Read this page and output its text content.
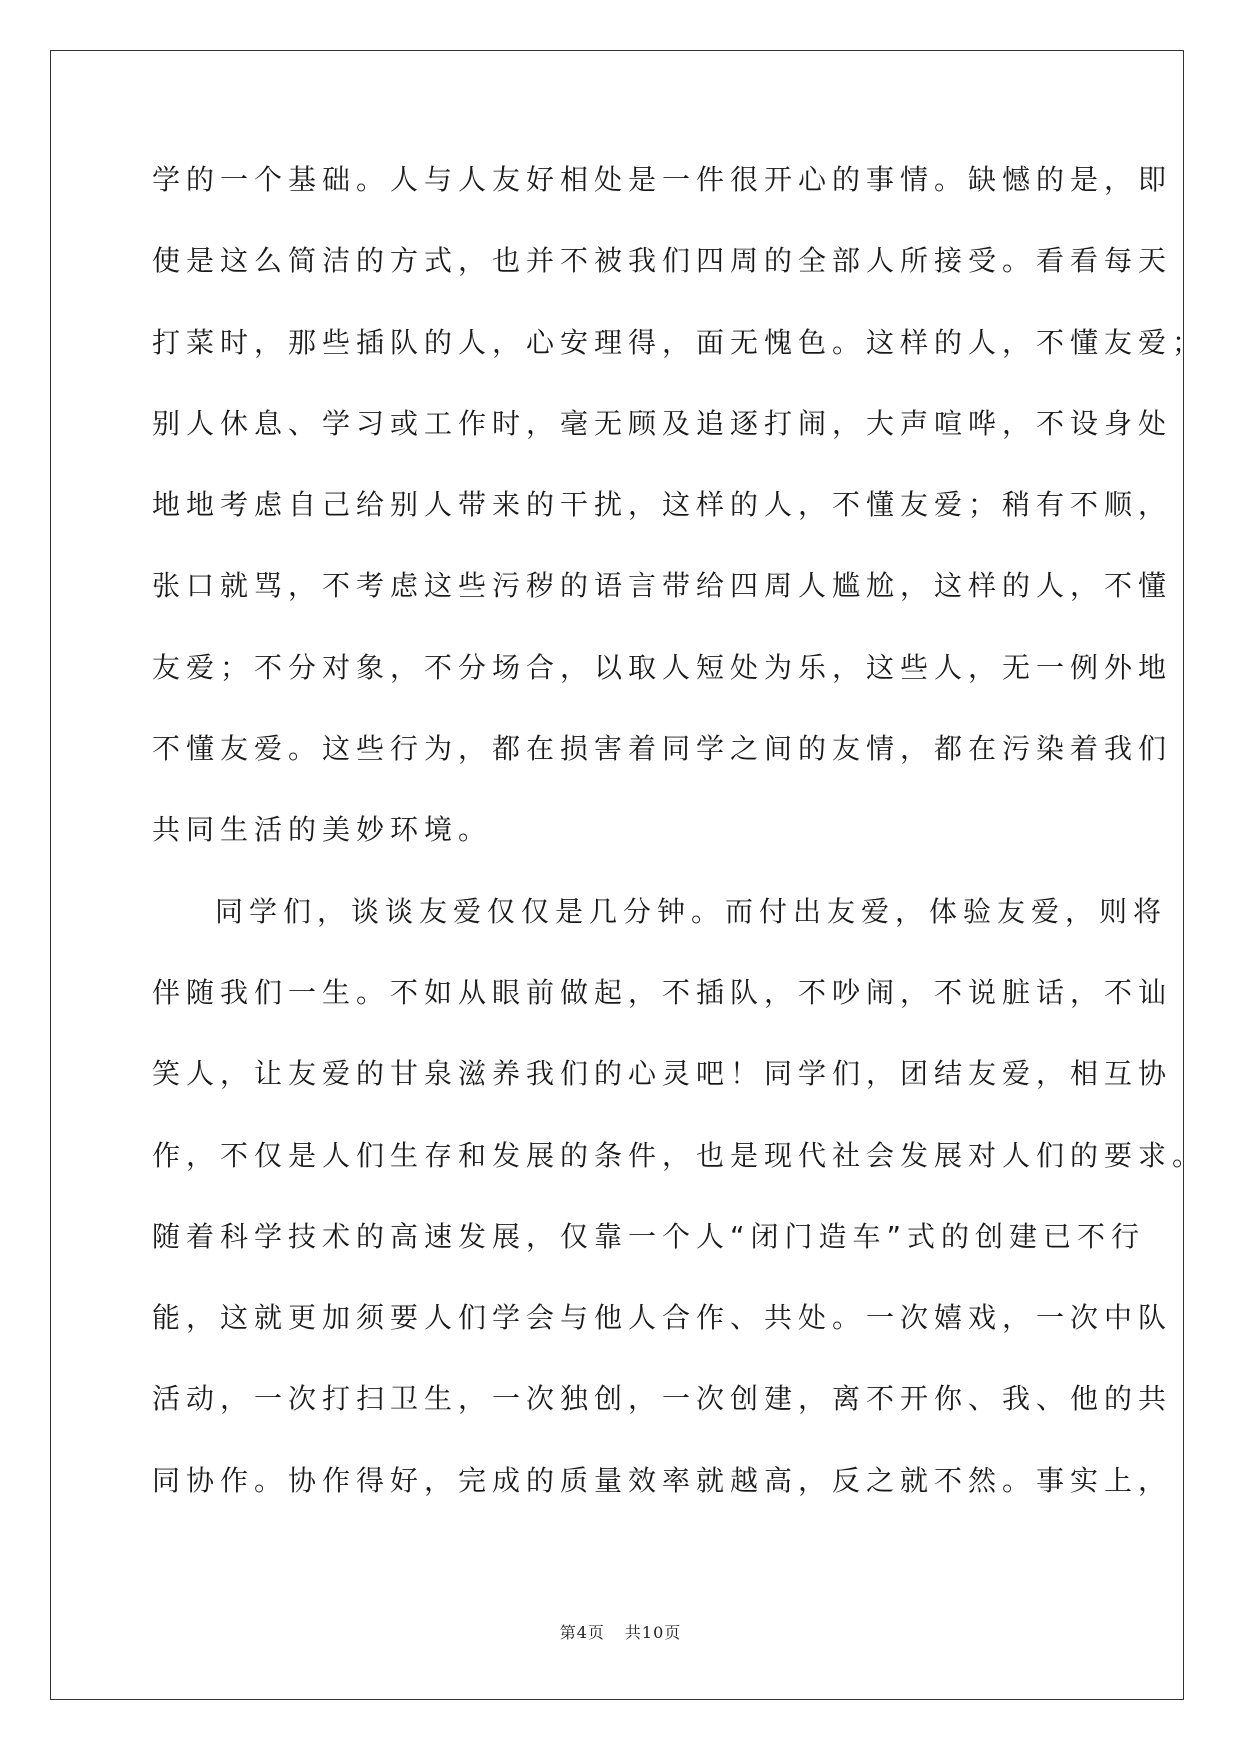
学的一个基础。人与人友好相处是一件很开心的事情。缺憾的是，即
使是这么简洁的方式，也并不被我们四周的全部人所接受。看看每天
打菜时，那些插队的人，心安理得，面无愧色。这样的人，不懂友爱；
别人休息、学习或工作时，毫无顾及追逐打闹，大声喧哗，不设身处
地地考虑自己给别人带来的干扰，这样的人，不懂友爱；稍有不顺，
张口就骂，不考虑这些污秽的语言带给四周人尴尬，这样的人，不懂
友爱；不分对象，不分场合，以取人短处为乐，这些人，无一例外地
不懂友爱。这些行为，都在损害着同学之间的友情，都在污染着我们
共同生活的美妙环境。
同学们，谈谈友爱仅仅是几分钟。而付出友爱，体验友爱，则将
伴随我们一生。不如从眼前做起，不插队，不吵闹，不说脏话，不讪
笑人，让友爱的甘泉滋养我们的心灵吧！同学们，团结友爱，相互协
作，不仅是人们生存和发展的条件，也是现代社会发展对人们的要求。
随着科学技术的高速发展，仅靠一个人“闭门造车”式的创建已不行
能，这就更加须要人们学会与他人合作、共处。一次嬉戏，一次中队
活动，一次打扫卫生，一次独创，一次创建，离不开你、我、他的共
同协作。协作得好，完成的质量效率就越高，反之就不然。事实上，
第4页 共10页
